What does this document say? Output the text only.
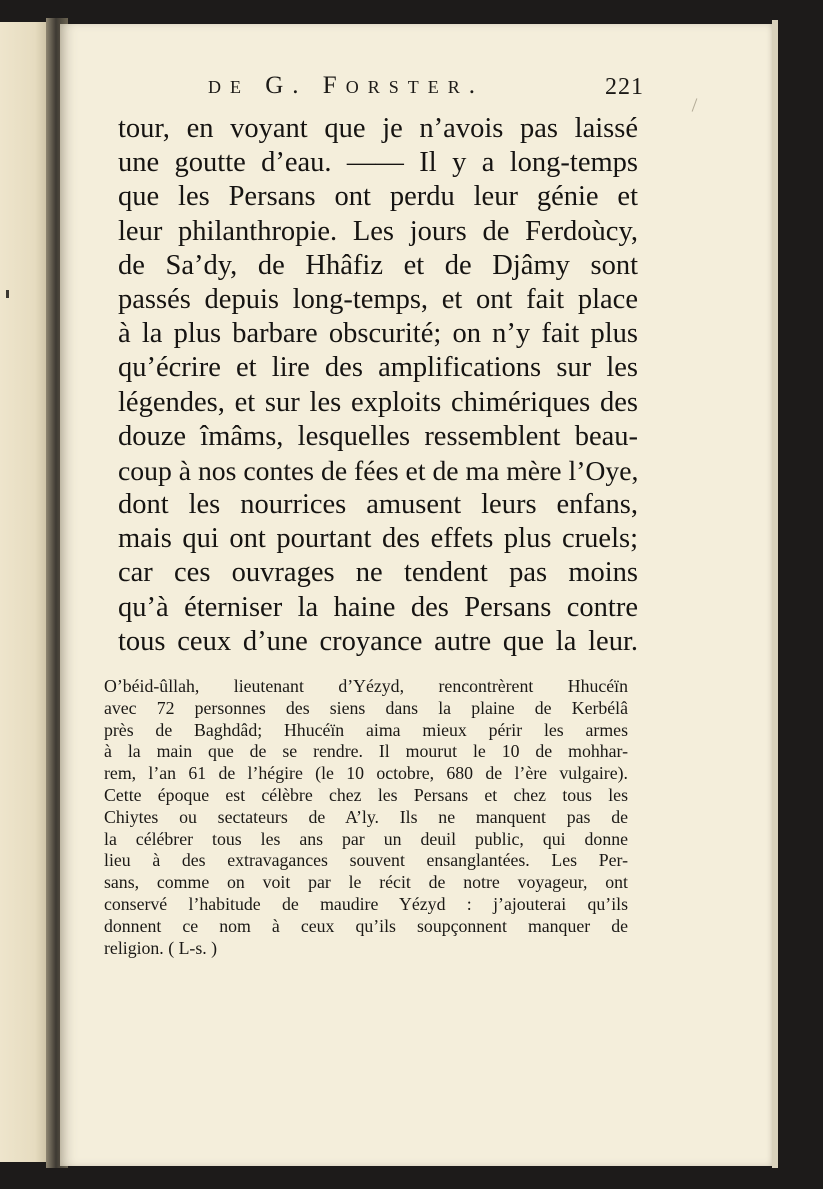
de G. Forster.	221
tour, en voyant que je n’avois pas laissé
une goutte d’eau. —— Il y a long-temps
que les Persans ont perdu leur génie et
leur philanthropie. Les jours de Ferdoùcy,
de Sa’dy, de Hhâfiz et de Djâmy sont
passés depuis long-temps, et ont fait place
à la plus barbare obscurité; on n’y fait plus
qu’écrire et lire des amplifications sur les
légendes, et sur les exploits chimériques des
douze îmâms, lesquelles ressemblent beau-
coup à nos contes de fées et de ma mère l’Oye,
dont les nourrices amusent leurs enfans,
mais qui ont pourtant des effets plus cruels;
car ces ouvrages ne tendent pas moins
qu’à éterniser la haine des Persans contre
tous ceux d’une croyance autre que la leur.
O’béid-ûllah, lieutenant d’Yézyd, rencontrèrent Hhucéïn
avec 72 personnes des siens dans la plaine de Kerbélâ
près de Baghdâd; Hhucéïn aima mieux périr les armes
à la main que de se rendre. Il mourut le 10 de mohhar-
rem, l’an 61 de l’hégire (le 10 octobre, 680 de l’ère vulgaire).
Cette époque est célèbre chez les Persans et chez tous les
Chiytes ou sectateurs de A’ly. Ils ne manquent pas de
la célébrer tous les ans par un deuil public, qui donne
lieu à des extravagances souvent ensanglantées. Les Per-
sans, comme on voit par le récit de notre voyageur, ont
conservé l’habitude de maudire Yézyd : j’ajouterai qu’ils
donnent ce nom à ceux qu’ils soupçonnent manquer de
religion. ( L-s. )
